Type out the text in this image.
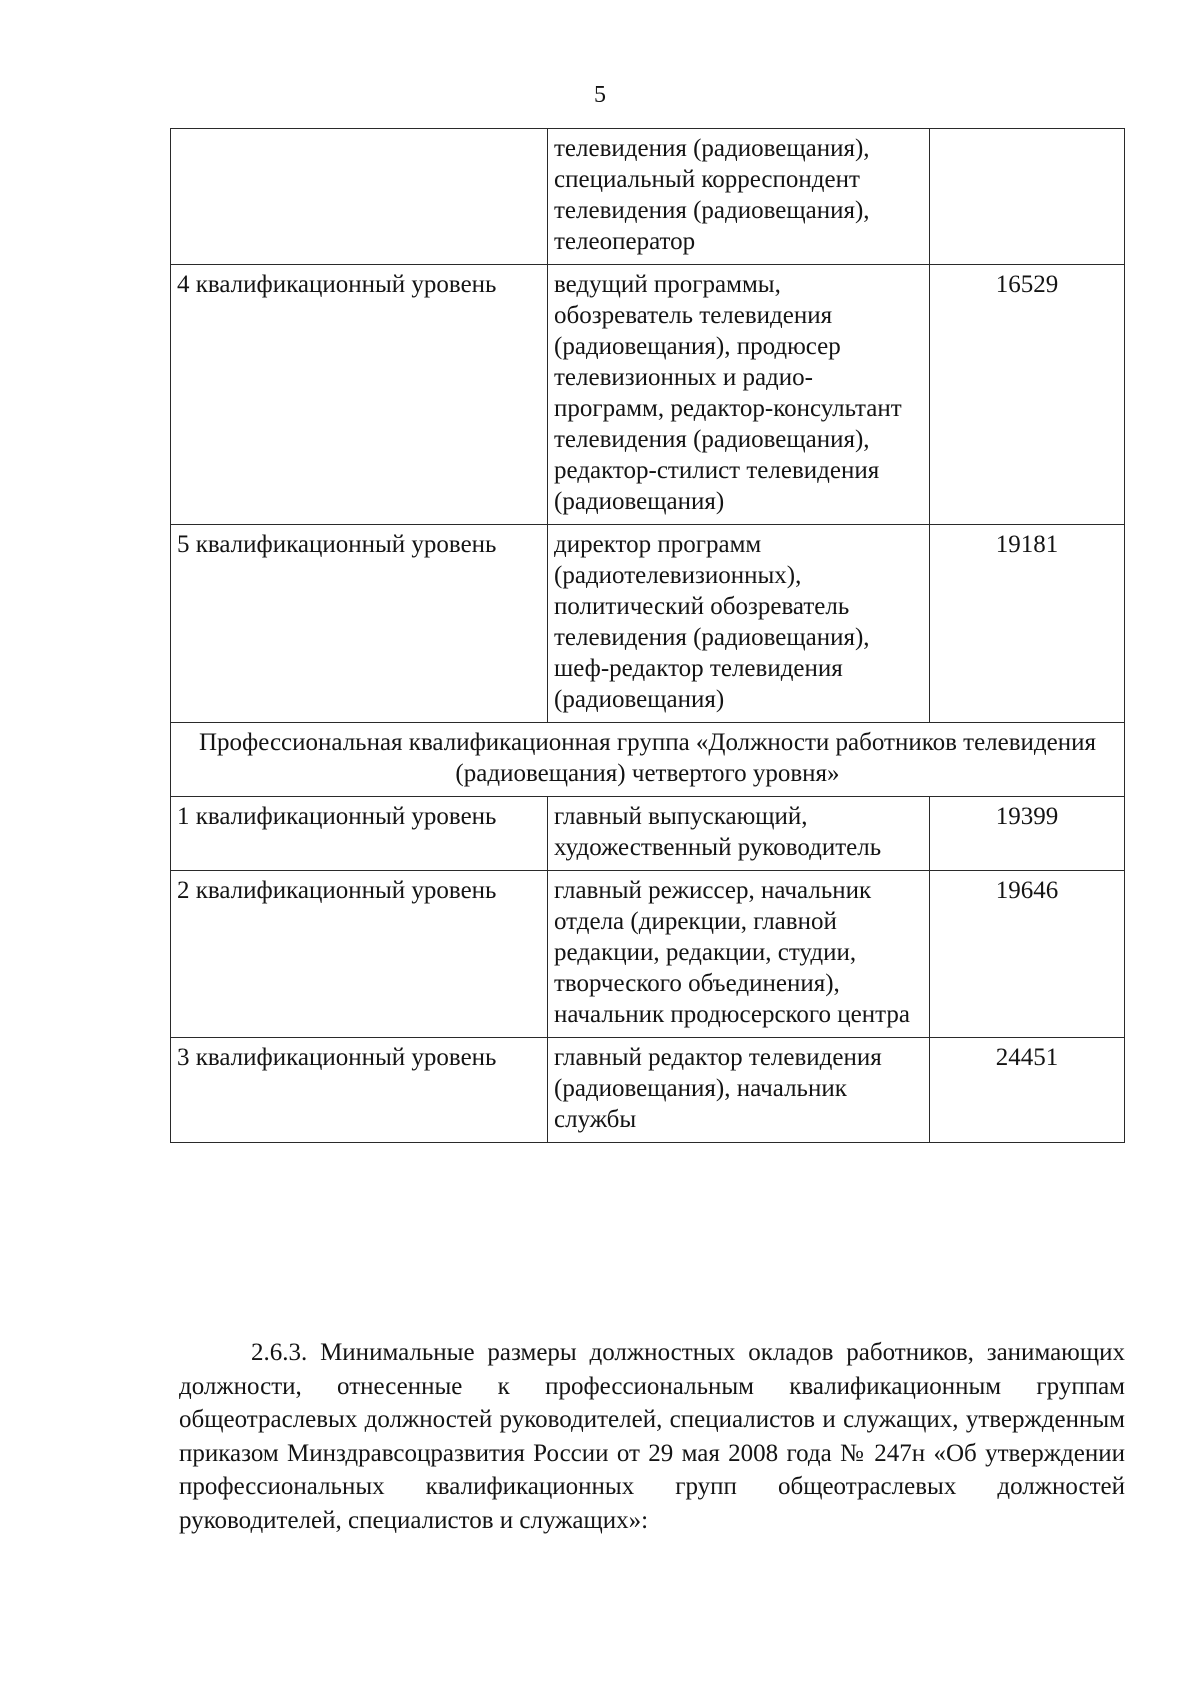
5
	телевидения (радиовещания), специальный корреспондент телевидения (радиовещания), телеоператор	
4 квалификационный уровень	ведущий программы, обозреватель телевидения (радиовещания), продюсер телевизионных и радио-программ, редактор-консультант телевидения (радиовещания), редактор-стилист телевидения (радиовещания)	16529
5 квалификационный уровень	директор программ (радиотелевизионных), политический обозреватель телевидения (радиовещания), шеф-редактор телевидения (радиовещания)	19181
Профессиональная квалификационная группа «Должности работников телевидения (радиовещания) четвертого уровня»		
1 квалификационный уровень	главный выпускающий, художественный руководитель	19399
2 квалификационный уровень	главный режиссер, начальник отдела (дирекции, главной редакции, редакции, студии, творческого объединения), начальник продюсерского центра	19646
3 квалификационный уровень	главный редактор телевидения (радиовещания), начальник службы	24451

2.6.3. Минимальные размеры должностных окладов работников, занимающих должности, отнесенные к профессиональным квалификационным группам общеотраслевых должностей руководителей, специалистов и служащих, утвержденным приказом Минздравсоцразвития России от 29 мая 2008 года № 247н «Об утверждении профессиональных квалификационных групп общеотраслевых должностей руководителей, специалистов и служащих»:
